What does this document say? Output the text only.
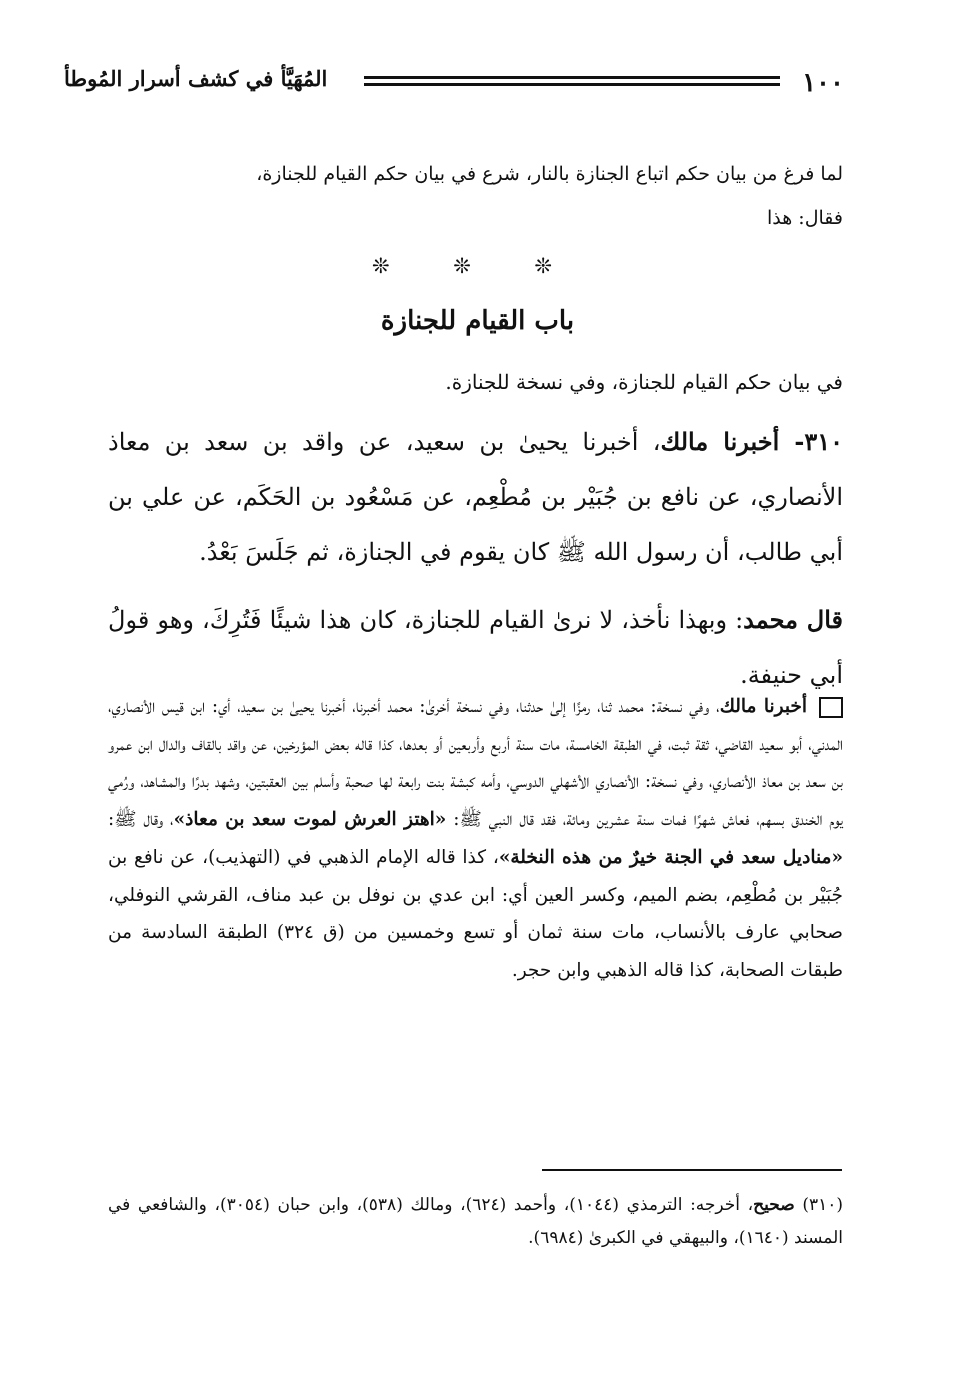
١٠٠
المُهَيَّأ في كشف أسرار المُوطأ

لما فرغ من بيان حكم اتباع الجنازة بالنار، شرع في بيان حكم القيام للجنازة،

فقال: هذا

❊
❊
❊
باب القيام للجنازة
في بيان حكم القيام للجنازة، وفي نسخة للجنازة.

٣١٠- أخبرنا مالك، أخبرنا يحيىٰ بن سعيد، عن واقد بن سعد بن معاذ الأنصاري، عن نافع بن جُبَيْر بن مُطْعِم، عن مَسْعُود بن الحَكَم، عن علي بن أبي طالب، أن رسول الله ﷺ كان يقوم في الجنازة، ثم جَلَسَ بَعْدُ.

قال محمد: وبهذا نأخذ، لا نرىٰ القيام للجنازة، كان هذا شيئًا فَتُرِكَ، وهو قولُ أبي حنيفة.

أخبرنا مالك، وفي نسخة: محمد ثنا، رمزًا إلىٰ حدثنا، وفي نسخة أخرىٰ: محمد أخبرنا، أخبرنا يحيىٰ بن سعيد، أي: ابن قيس الأنصاري، المدني، أبو سعيد القاضي، ثقة ثبت، في الطبقة الخامسة، مات سنة أربع وأربعين أو بعدها، كذا قاله بعض المؤرخين، عن واقد بالقاف والدال ابن عمرو بن سعد بن معاذ الأنصاري، وفي نسخة: الأنصاري الأشهلي الدوسي، وأمه كبشة بنت رابعة لها صحبة وأسلم بين العقبتين، وشهد بدرًا والمشاهد، ورُمي يوم الخندق بسهم، فعاش شهرًا فمات سنة عشرين ومائة، فقد قال النبي ﷺ: «اهتز العرش لموت سعد بن معاذ»، وقال ﷺ: «مناديل سعد في الجنة خيرٌ من هذه النخلة»، كذا قاله الإمام الذهبي في (التهذيب)، عن نافع بن جُبَيْر بن مُطْعِم، بضم الميم، وكسر العين أي: ابن عدي بن نوفل بن عبد مناف، القرشي النوفلي، صحابي عارف بالأنساب، مات سنة ثمان أو تسع وخمسين من (ق ٣٢٤) الطبقة السادسة من طبقات الصحابة، كذا قاله الذهبي وابن حجر.

(٣١٠) صحيح، أخرجه: الترمذي (١٠٤٤)، وأحمد (٦٢٤)، ومالك (٥٣٨)، وابن حبان (٣٠٥٤)، والشافعي في المسند (١٦٤٠)، والبيهقي في الكبرىٰ (٦٩٨٤).
